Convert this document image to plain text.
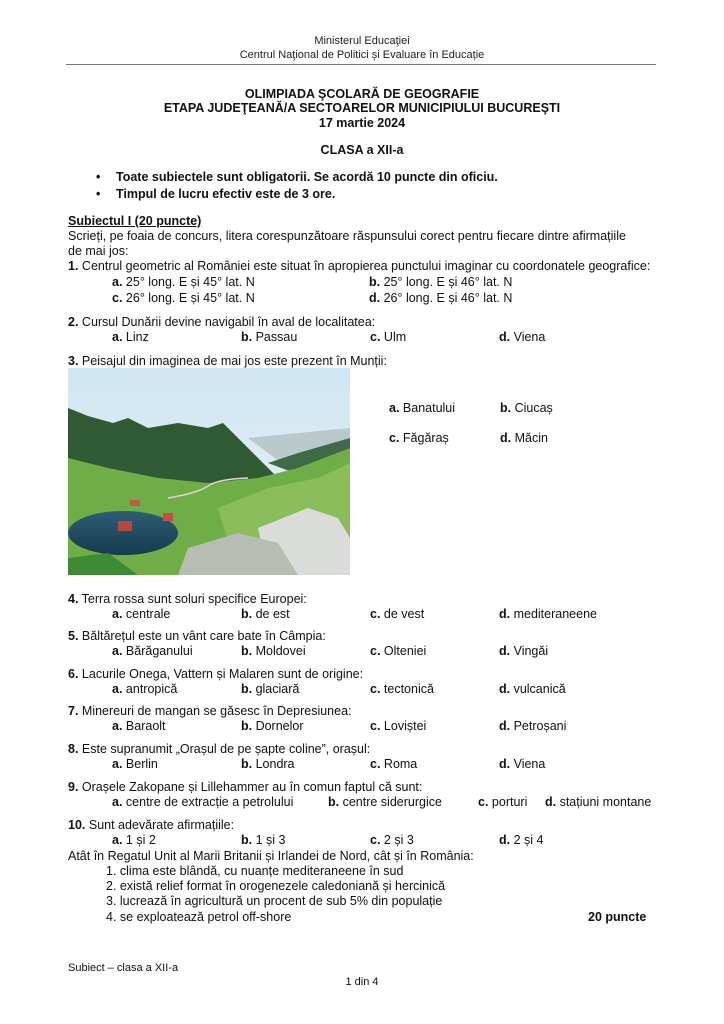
Ministerul Educaţiei
Centrul Naţional de Politici și Evaluare în Educație
OLIMPIADA ŞCOLARĂ DE GEOGRAFIE
ETAPA JUDEŢEANĂ/A SECTOARELOR MUNICIPIULUI BUCUREŞTI
17 martie 2024
CLASA a XII-a
• Toate subiectele sunt obligatorii. Se acordă 10 puncte din oficiu.
• Timpul de lucru efectiv este de 3 ore.
Subiectul I (20 puncte)
Scrieți, pe foaia de concurs, litera corespunzătoare răspunsului corect pentru fiecare dintre afirmațiile
de mai jos:
1. Centrul geometric al României este situat în apropierea punctului imaginar cu coordonatele geografice:
a. 25° long. E și 45° lat. N	b. 25° long. E și 46° lat. N
c. 26° long. E și 45° lat. N	d. 26° long. E și 46° lat. N
2. Cursul Dunării devine navigabil în aval de localitatea:
a. Linz	b. Passau	c. Ulm	d. Viena
3. Peisajul din imaginea de mai jos este prezent în Munții:
a. Banatului	b. Ciucaș
c. Făgăraș	d. Măcin
4. Terra rossa sunt soluri specifice Europei:
a. centrale	b. de est	c. de vest	d. mediteraneene
5. Băltărețul este un vânt care bate în Câmpia:
a. Bărăganului	b. Moldovei	c. Olteniei	d. Vingăi
6. Lacurile Onega, Vattern și Malaren sunt de origine:
a. antropică	b. glaciară	c. tectonică	d. vulcanică
7. Minereuri de mangan se găsesc în Depresiunea:
a. Baraolt	b. Dornelor	c. Loviștei	d. Petroșani
8. Este supranumit „Orașul de pe șapte coline”, orașul:
a. Berlin	b. Londra	c. Roma	d. Viena
9. Orașele Zakopane și Lillehammer au în comun faptul că sunt:
a. centre de extracție a petrolului	b. centre siderurgice	c. porturi d. stațiuni montane
10. Sunt adevărate afirmațiile:
a. 1 și 2	b. 1 și 3	c. 2 și 3	d. 2 și 4
Atât în Regatul Unit al Marii Britanii și Irlandei de Nord, cât și în România:
1. clima este blândă, cu nuanțe mediteraneene în sud
2. există relief format în orogenezele caledoniană și hercinică
3. lucrează în agricultură un procent de sub 5% din populație
4. se exploatează petrol off-shore	20 puncte
Subiect – clasa a XII-a
1 din 4
